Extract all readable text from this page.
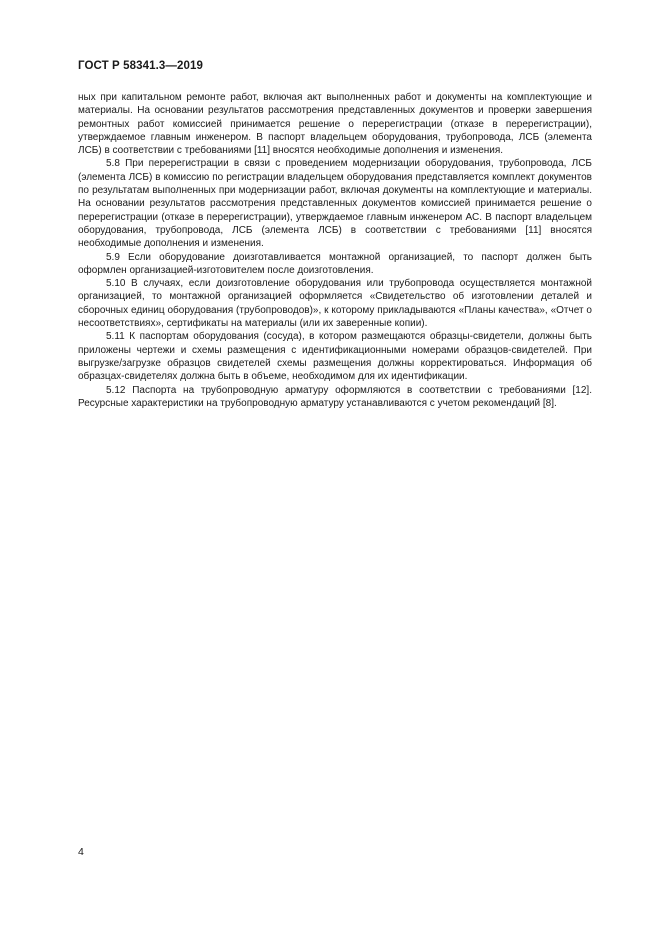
ГОСТ Р 58341.3—2019

ных при капитальном ремонте работ, включая акт выполненных работ и документы на комплектующие и материалы. На основании результатов рассмотрения представленных документов и проверки завершения ремонтных работ комиссией принимается решение о перерегистрации (отказе в перерегистрации), утверждаемое главным инженером. В паспорт владельцем оборудования, трубопровода, ЛСБ (элемента ЛСБ) в соответствии с требованиями [11] вносятся необходимые дополнения и изменения.

5.8 При перерегистрации в связи с проведением модернизации оборудования, трубопровода, ЛСБ (элемента ЛСБ) в комиссию по регистрации владельцем оборудования представляется комплект документов по результатам выполненных при модернизации работ, включая документы на комплектующие и материалы. На основании результатов рассмотрения представленных документов комиссией принимается решение о перерегистрации (отказе в перерегистрации), утверждаемое главным инженером АС. В паспорт владельцем оборудования, трубопровода, ЛСБ (элемента ЛСБ) в соответствии с требованиями [11] вносятся необходимые дополнения и изменения.

5.9 Если оборудование доизготавливается монтажной организацией, то паспорт должен быть оформлен организацией-изготовителем после доизготовления.

5.10 В случаях, если доизготовление оборудования или трубопровода осуществляется монтажной организацией, то монтажной организацией оформляется «Свидетельство об изготовлении деталей и сборочных единиц оборудования (трубопроводов)», к которому прикладываются «Планы качества», «Отчет о несоответствиях», сертификаты на материалы (или их заверенные копии).

5.11 К паспортам оборудования (сосуда), в котором размещаются образцы-свидетели, должны быть приложены чертежи и схемы размещения с идентификационными номерами образцов-свидетелей. При выгрузке/загрузке образцов свидетелей схемы размещения должны корректироваться. Информация об образцах-свидетелях должна быть в объеме, необходимом для их идентификации.

5.12 Паспорта на трубопроводную арматуру оформляются в соответствии с требованиями [12]. Ресурсные характеристики на трубопроводную арматуру устанавливаются с учетом рекомендаций [8].

4
